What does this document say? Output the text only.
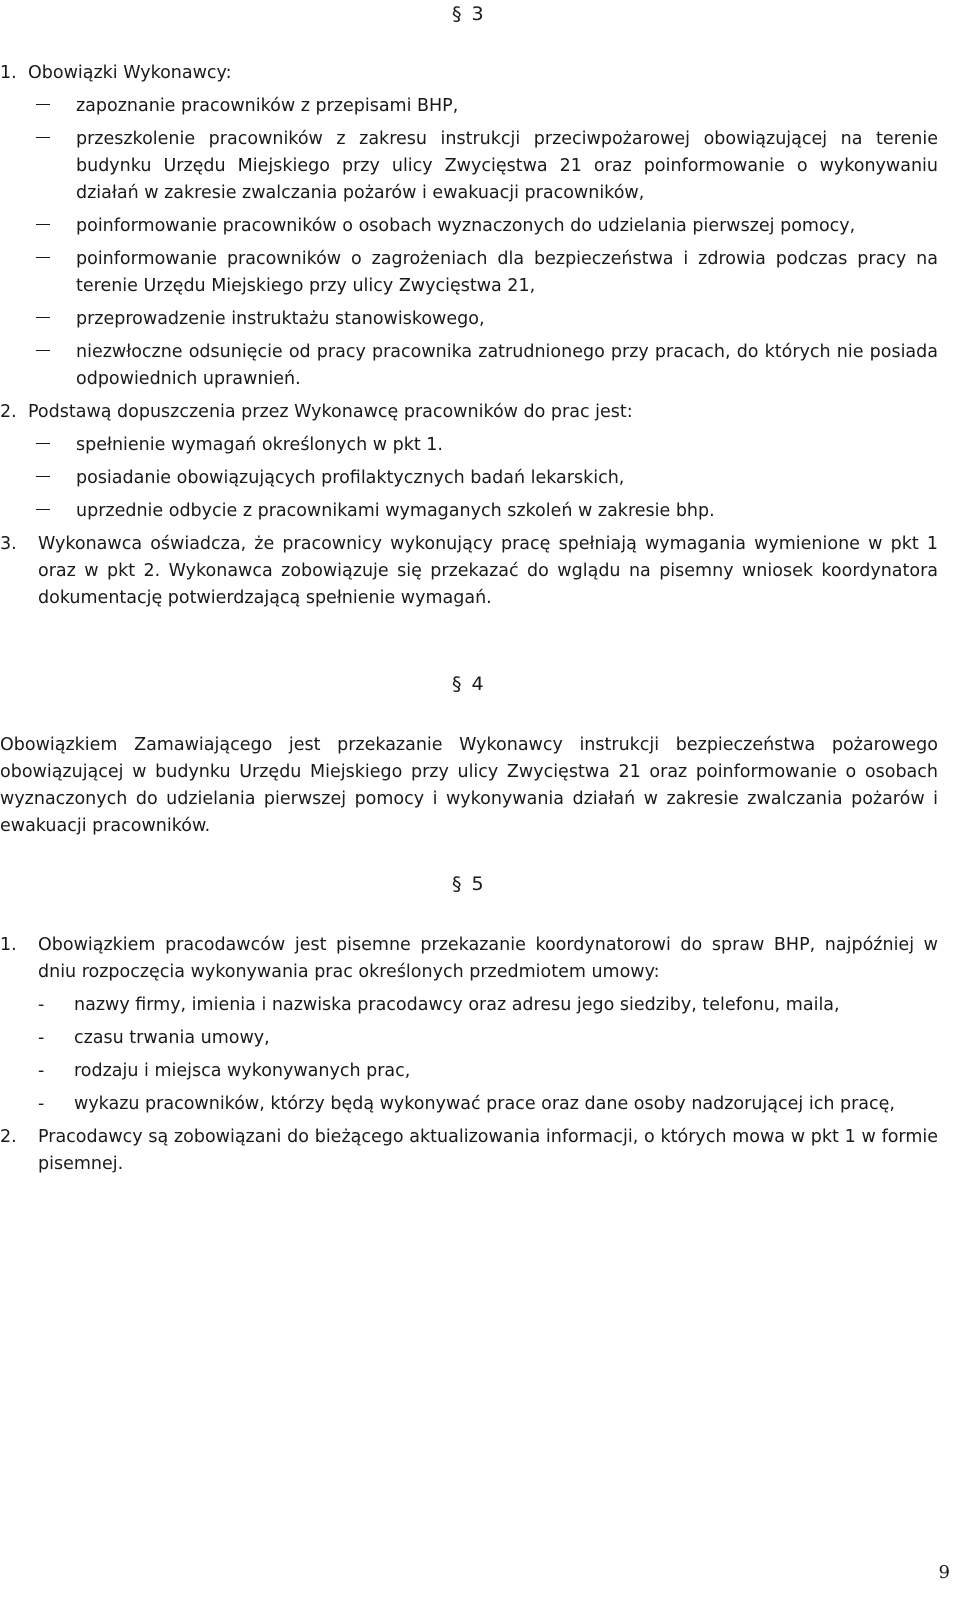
§ 3
1. Obowiązki Wykonawcy:
zapoznanie pracowników z przepisami BHP,
przeszkolenie pracowników z zakresu instrukcji przeciwpożarowej obowiązującej na terenie budynku Urzędu Miejskiego przy ulicy Zwycięstwa 21 oraz poinformowanie o wykonywaniu działań w zakresie zwalczania pożarów i ewakuacji pracowników,
poinformowanie pracowników o osobach wyznaczonych do udzielania pierwszej pomocy,
poinformowanie pracowników o zagrożeniach dla bezpieczeństwa i zdrowia podczas pracy na terenie Urzędu Miejskiego przy ulicy Zwycięstwa 21,
przeprowadzenie instruktażu stanowiskowego,
niezwłoczne odsunięcie od pracy pracownika zatrudnionego przy pracach, do których nie posiada odpowiednich uprawnień.
2. Podstawą dopuszczenia przez Wykonawcę pracowników do prac jest:
spełnienie wymagań określonych w pkt 1.
posiadanie obowiązujących profilaktycznych badań lekarskich,
uprzednie odbycie z pracownikami wymaganych szkoleń w zakresie bhp.
3.	Wykonawca oświadcza, że pracownicy wykonujący pracę spełniają wymagania wymienione w pkt 1 oraz w pkt 2. Wykonawca zobowiązuje się przekazać do wglądu na pisemny wniosek koordynatora dokumentację potwierdzającą spełnienie wymagań.
§ 4
Obowiązkiem Zamawiającego jest przekazanie Wykonawcy instrukcji bezpieczeństwa pożarowego obowiązującej w budynku Urzędu Miejskiego przy ulicy Zwycięstwa 21 oraz poinformowanie o osobach wyznaczonych do udzielania pierwszej pomocy i wykonywania działań w zakresie zwalczania pożarów i ewakuacji pracowników.
§ 5
1.	Obowiązkiem pracodawców jest pisemne przekazanie koordynatorowi do spraw BHP, najpóźniej w dniu rozpoczęcia wykonywania prac określonych przedmiotem umowy:
-	nazwy firmy, imienia i nazwiska pracodawcy oraz adresu jego siedziby, telefonu, maila,
-	czasu trwania umowy,
-	rodzaju i miejsca wykonywanych prac,
-	wykazu pracowników, którzy będą wykonywać prace oraz dane osoby nadzorującej ich pracę,
2.	Pracodawcy są zobowiązani do bieżącego aktualizowania informacji, o których mowa w pkt 1 w formie pisemnej.
9
